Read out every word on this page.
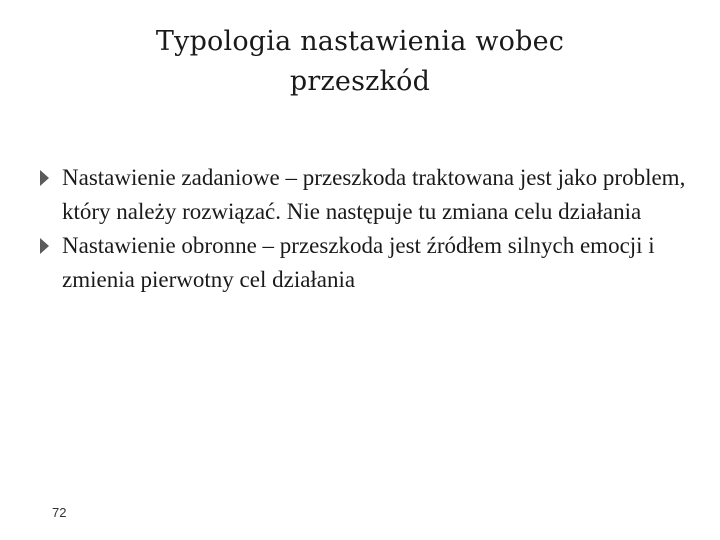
Typologia nastawienia wobec
przeszkód
Nastawienie zadaniowe – przeszkoda traktowana jest jako problem, który należy rozwiązać. Nie następuje tu zmiana celu działania
Nastawienie obronne – przeszkoda jest źródłem silnych emocji i zmienia pierwotny cel działania
72
